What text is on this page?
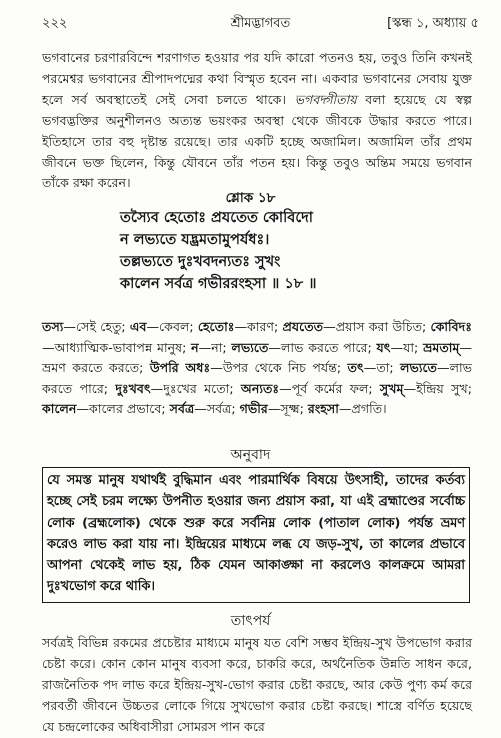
২২২	শ্রীমদ্ভাগবত	[স্কন্ধ ১, অধ্যায় ৫

ভগবানের চরণারবিন্দে শরণাগত হওয়ার পর যদি কারো পতনও হয়, তবুও তিনি কখনই পরমেশ্বর ভগবানের শ্রীপাদপদ্মের কথা বিস্মৃত হবেন না। একবার ভগবানের সেবায় যুক্ত হলে সর্ব অবস্থাতেই সেই সেবা চলতে থাকে। ভগবদ্গীতায় বলা হয়েছে যে স্বল্প ভগবদ্ভক্তির অনুশীলনও অত্যন্ত ভয়ংকর অবস্থা থেকে জীবকে উদ্ধার করতে পারে। ইতিহাসে তার বহু দৃষ্টান্ত রয়েছে। তার একটি হচ্ছে অজামিল। অজামিল তাঁর প্রথম জীবনে ভক্ত ছিলেন, কিন্তু যৌবনে তাঁর পতন হয়। কিন্তু তবুও অন্তিম সময়ে ভগবান তাঁকে রক্ষা করেন।

শ্লোক ১৮
তস্যৈব হেতোঃ প্রযতেত কোবিদো
ন লভ্যতে যদ্ভ্রমতামুপর্যধঃ।
তল্লভ্যতে দুঃখবদন্যতঃ সুখং
কালেন সর্বত্র গভীররংহসা ॥ ১৮ ॥

তস্য—সেই হেতু; এব—কেবল; হেতোঃ—কারণ; প্রযতেত—প্রয়াস করা উচিত; কোবিদঃ—আধ্যাত্মিক-ভাবাপন্ন মানুষ; ন—না; লভ্যতে—লাভ করতে পারে; যৎ—যা; ভ্রমতাম্—ভ্রমণ করতে করতে; উপরি অধঃ—উপর থেকে নিচ পর্যন্ত; তৎ—তা; লভ্যতে—লাভ করতে পারে; দুঃখবৎ—দুঃখের মতো; অন্যতঃ—পূর্ব কর্মের ফল; সুখম্—ইন্দ্রিয় সুখ; কালেন—কালের প্রভাবে; সর্বত্র—সর্বত্র; গভীর—সূক্ষ্ম; রংহসা—প্রগতি।

অনুবাদ
যে সমস্ত মানুষ যথার্থই বুদ্ধিমান এবং পারমার্থিক বিষয়ে উৎসাহী, তাদের কর্তব্য হচ্ছে সেই চরম লক্ষ্যে উপনীত হওয়ার জন্য প্রয়াস করা, যা এই ব্রহ্মাণ্ডের সর্বোচ্চ লোক (ব্রহ্মলোক) থেকে শুরু করে সর্বনিম্ন লোক (পাতাল লোক) পর্যন্ত ভ্রমণ করেও লাভ করা যায় না। ইন্দ্রিয়ের মাধ্যমে লব্ধ যে জড়-সুখ, তা কালের প্রভাবে আপনা থেকেই লাভ হয়, ঠিক যেমন আকাঙ্ক্ষা না করলেও কালক্রমে আমরা দুঃখভোগ করে থাকি।
তাৎপর্য

সর্বত্রই বিভিন্ন রকমের প্রচেষ্টার মাধ্যমে মানুষ যত বেশি সম্ভব ইন্দ্রিয়-সুখ উপভোগ করার চেষ্টা করে। কোন কোন মানুষ ব্যবসা করে, চাকরি করে, অর্থনৈতিক উন্নতি সাধন করে, রাজনৈতিক পদ লাভ করে ইন্দ্রিয়-সুখ-ভোগ করার চেষ্টা করছে, আর কেউ পুণ্য কর্ম করে পরবর্তী জীবনে উচ্চতর লোকে গিয়ে সুখভোগ করার চেষ্টা করছে। শাস্ত্রে বর্ণিত হয়েছে যে চন্দ্রলোকের অধিবাসীরা সোমরস পান করে
